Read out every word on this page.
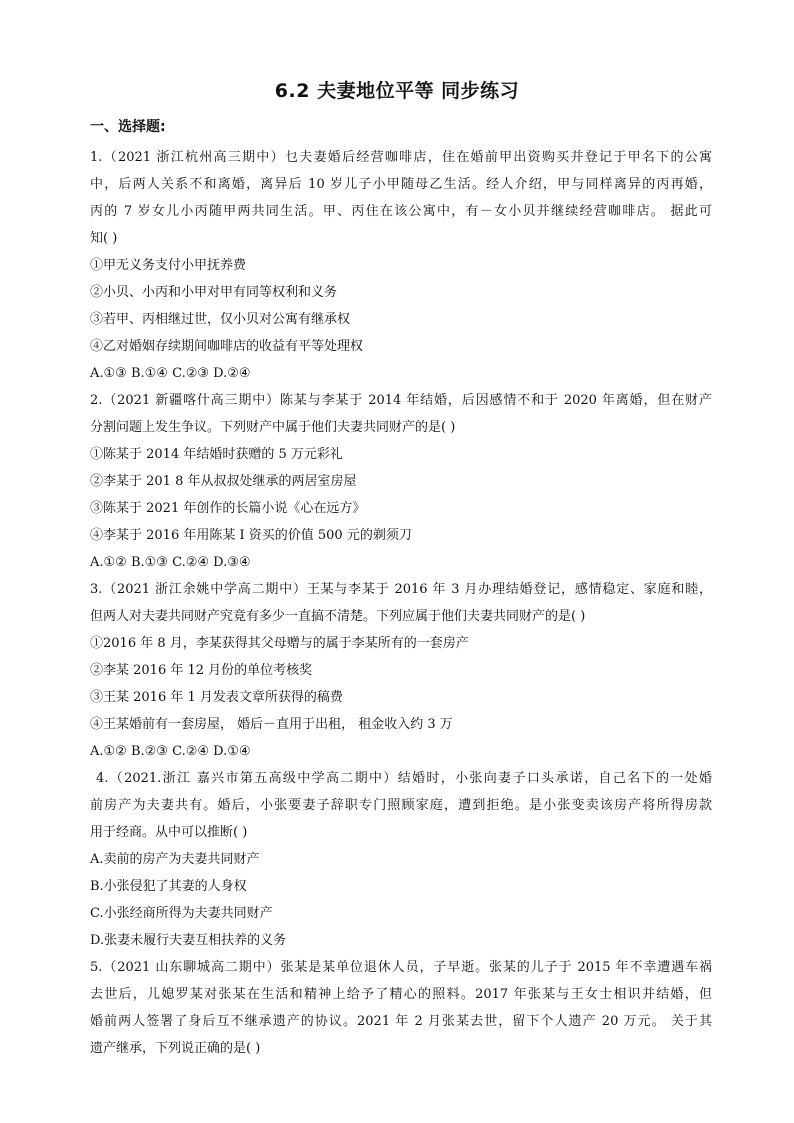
6.2 夫妻地位平等 同步练习
一、选择题:
1.（2021 浙江杭州高三期中）乜夫妻婚后经营咖啡店，住在婚前甲出资购买并登记于甲名下的公寓
中，后两人关系不和离婚，离异后 10 岁儿子小甲随母乙生活。经人介绍，甲与同样离异的丙再婚，
丙的 7 岁女儿小丙随甲两共同生活。甲、丙住在该公寓中，有－女小贝并继续经营咖啡店。 据此可
知( )
①甲无义务支付小甲抚养费
②小贝、小丙和小甲对甲有同等权利和义务
③若甲、丙相继过世，仅小贝对公寓有继承权
④乙对婚姻存续期间咖啡店的收益有平等处理权
A.①③ B.①④ C.②③ D.②④
2.（2021 新疆喀什高三期中）陈某与李某于 2014 年结婚，后因感情不和于 2020 年离婚，但在财产
分割问题上发生争议。下列财产中属于他们夫妻共同财产的是( )
①陈某于 2014 年结婚时获赠的 5 万元彩礼
②李某于 201 8 年从叔叔处继承的两居室房屋
③陈某于 2021 年创作的长篇小说《心在远方》
④李某于 2016 年用陈某 I 资买的价值 500 元的剃须刀
A.①② B.①③ C.②④ D.③④
3.（2021 浙江余姚中学高二期中）王某与李某于 2016 年 3 月办理结婚登记，感情稳定、家庭和睦，
但两人对夫妻共同财产究竟有多少一直搞不清楚。下列应属于他们夫妻共同财产的是( )
①2016 年 8 月，李某获得其父母赠与的属于李某所有的一套房产
②李某 2016 年 12 月份的单位考核奖
③王某 2016 年 1 月发表文章所获得的稿费
④王某婚前有一套房屋， 婚后－直用于出租， 租金收入约 3 万
A.①② B.②③ C.②④ D.①④
4.（2021.浙江 嘉兴市第五高级中学高二期中）结婚时，小张向妻子口头承诺，自己名下的一处婚
前房产为夫妻共有。婚后，小张要妻子辞职专门照顾家庭，遭到拒绝。是小张变卖该房产将所得房款
用于经商。从中可以推断( )
A.卖前的房产为夫妻共同财产
B.小张侵犯了其妻的人身权
C.小张经商所得为夫妻共同财产
D.张妻未履行夫妻互相扶养的义务
5.（2021 山东聊城高二期中）张某是某单位退休人员，子早逝。张某的儿子于 2015 年不幸遭遇车祸
去世后，儿媳罗某对张某在生活和精神上给予了精心的照料。2017 年张某与王女士相识并结婚，但
婚前两人签署了身后互不继承遗产的协议。2021 年 2 月张某去世，留下个人遗产 20 万元。 关于其
遗产继承，下列说正确的是( )
